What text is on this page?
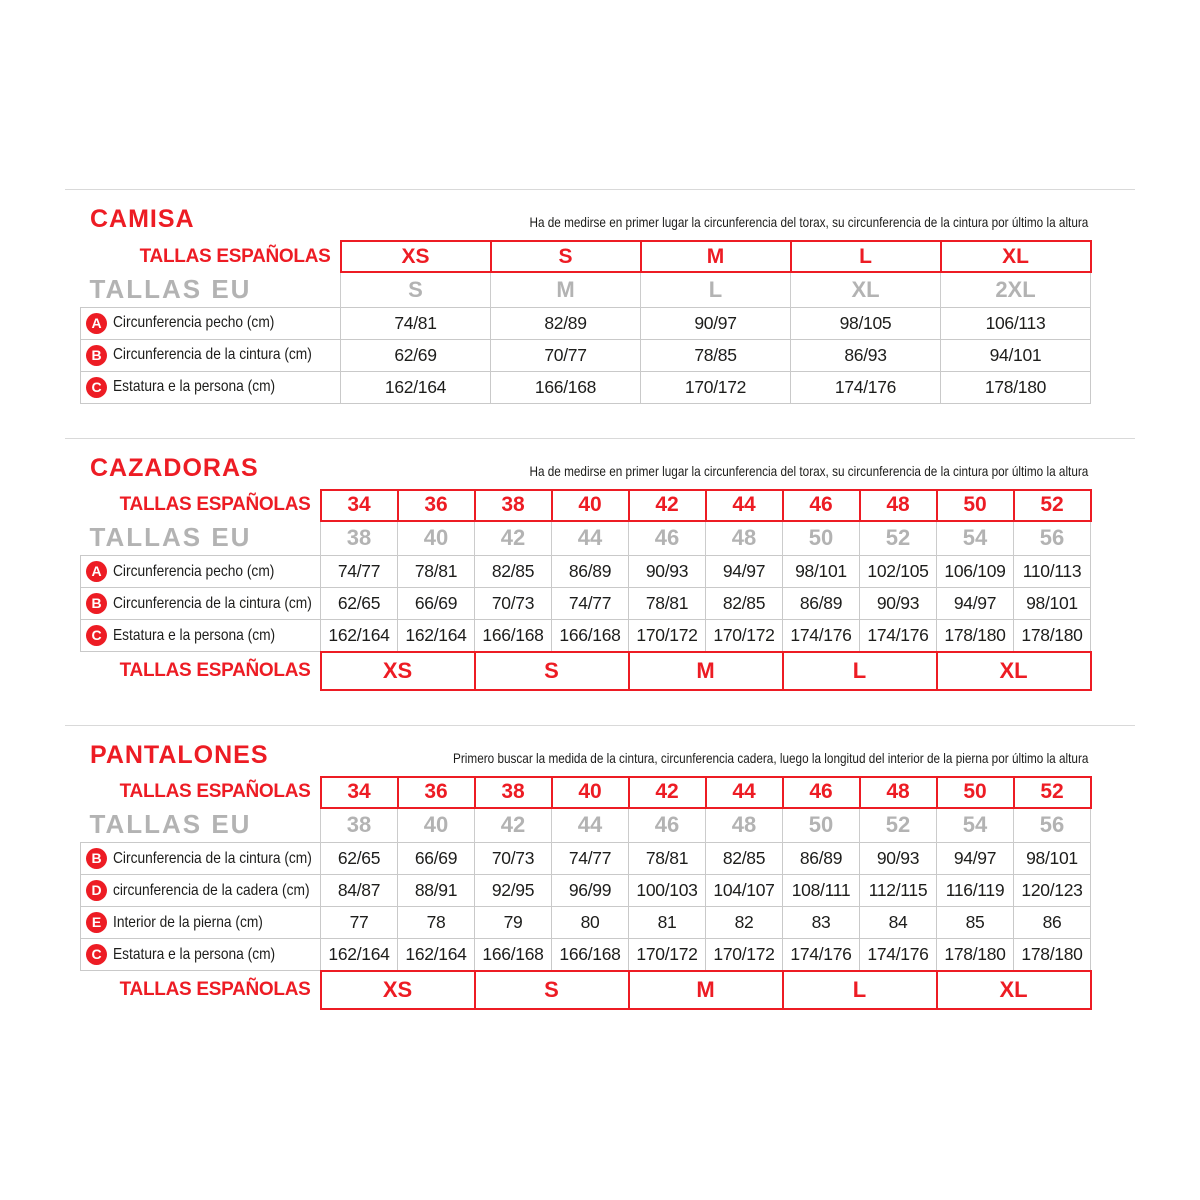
CAMISA	Ha de medirse en primer lugar la circunferencia del torax, su circunferencia de la cintura por último la altura

TALLAS ESPAÑOLAS	XS	S	M	L	XL
TALLAS EU	S	M	L	XL	2XL
A Circunferencia pecho (cm)	74/81	82/89	90/97	98/105	106/113
B Circunferencia de la cintura (cm)	62/69	70/77	78/85	86/93	94/101
C Estatura e la persona (cm)	162/164	166/168	170/172	174/176	178/180
CAZADORAS	Ha de medirse en primer lugar la circunferencia del torax, su circunferencia de la cintura por último la altura

TALLAS ESPAÑOLAS	34	36	38	40	42	44	46	48	50	52
TALLAS EU	38	40	42	44	46	48	50	52	54	56
A Circunferencia pecho (cm)	74/77	78/81	82/85	86/89	90/93	94/97	98/101	102/105	106/109	110/113
B Circunferencia de la cintura (cm)	62/65	66/69	70/73	74/77	78/81	82/85	86/89	90/93	94/97	98/101
C Estatura e la persona (cm)	162/164	162/164	166/168	166/168	170/172	170/172	174/176	174/176	178/180	178/180
TALLAS ESPAÑOLAS	XS		S		M		L		XL	
PANTALONES	Primero buscar la medida de la cintura, circunferencia cadera, luego la longitud del interior de la pierna por último la altura

TALLAS ESPAÑOLAS	34	36	38	40	42	44	46	48	50	52
TALLAS EU	38	40	42	44	46	48	50	52	54	56
B Circunferencia de la cintura (cm)	62/65	66/69	70/73	74/77	78/81	82/85	86/89	90/93	94/97	98/101
D circunferencia de la cadera (cm)	84/87	88/91	92/95	96/99	100/103	104/107	108/111	112/115	116/119	120/123
E Interior de la pierna (cm)	77	78	79	80	81	82	83	84	85	86
C Estatura e la persona (cm)	162/164	162/164	166/168	166/168	170/172	170/172	174/176	174/176	178/180	178/180
TALLAS ESPAÑOLAS	XS		S		M		L		XL	
